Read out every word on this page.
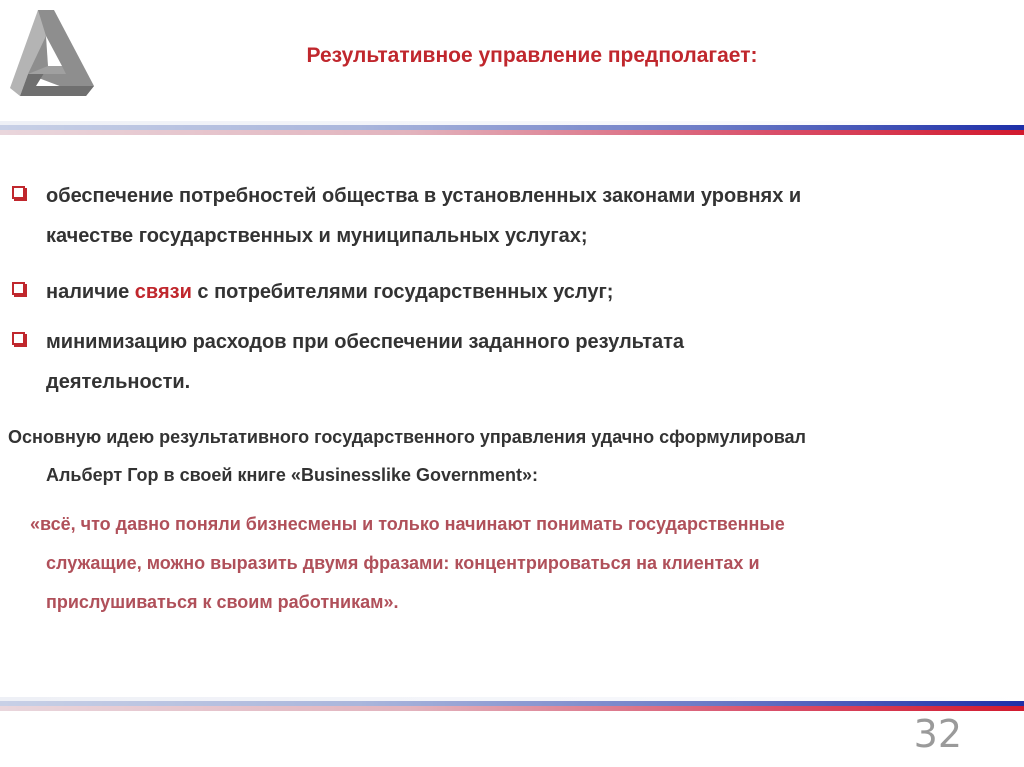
Результативное управление предполагает:
обеспечение потребностей общества в установленных законами уровнях и
качестве государственных и муниципальных услугах;
наличие связи с потребителями государственных услуг;
минимизацию расходов при обеспечении заданного результата
деятельности.
Основную идею результативного государственного управления удачно сформулировал
Альберт Гор в своей книге «Businesslike Government»:
«всё, что давно поняли бизнесмены и только начинают понимать государственные
служащие, можно выразить двумя фразами: концентрироваться на клиентах и
прислушиваться к своим работникам».
32
